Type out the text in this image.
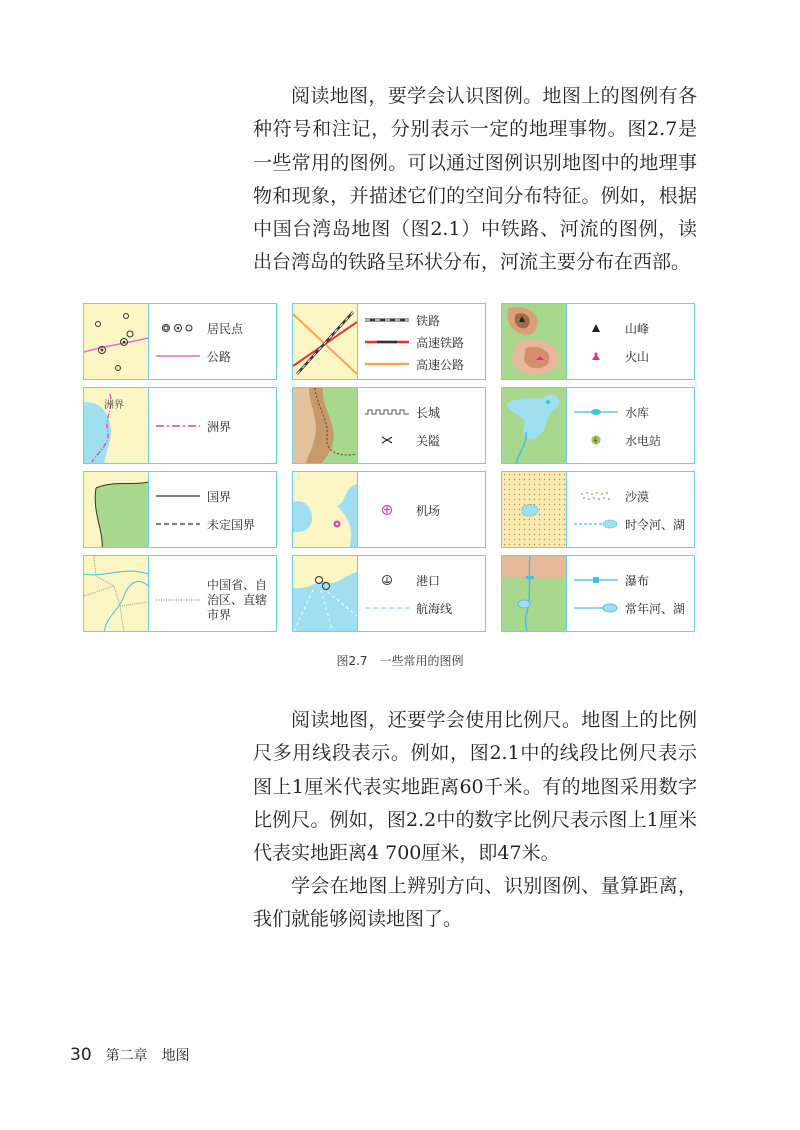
阅读地图，要学会认识图例。地图上的图例有各种符号和注记，分别表示一定的地理事物。图2.7是一些常用的图例。可以通过图例识别地图中的地理事物和现象，并描述它们的空间分布特征。例如，根据中国台湾岛地图（图2.1）中铁路、河流的图例，读出台湾岛的铁路呈环状分布，河流主要分布在西部。

居民点
公路
铁路
高速铁路
高速公路
山峰
火山
洲界
洲界
长城
关隘
水库
水电站
国界
未定国界
机场
沙漠
时令河、湖
中国省、自治区、直辖市界
港口
航海线
瀑布
常年河、湖
图2.7 一些常用的图例

阅读地图，还要学会使用比例尺。地图上的比例尺多用线段表示。例如，图2.1中的线段比例尺表示图上1厘米代表实地距离60千米。有的地图采用数字比例尺。例如，图2.2中的数字比例尺表示图上1厘米代表实地距离4 700厘米，即47米。

学会在地图上辨别方向、识别图例、量算距离，我们就能够阅读地图了。

30 第二章 地图
